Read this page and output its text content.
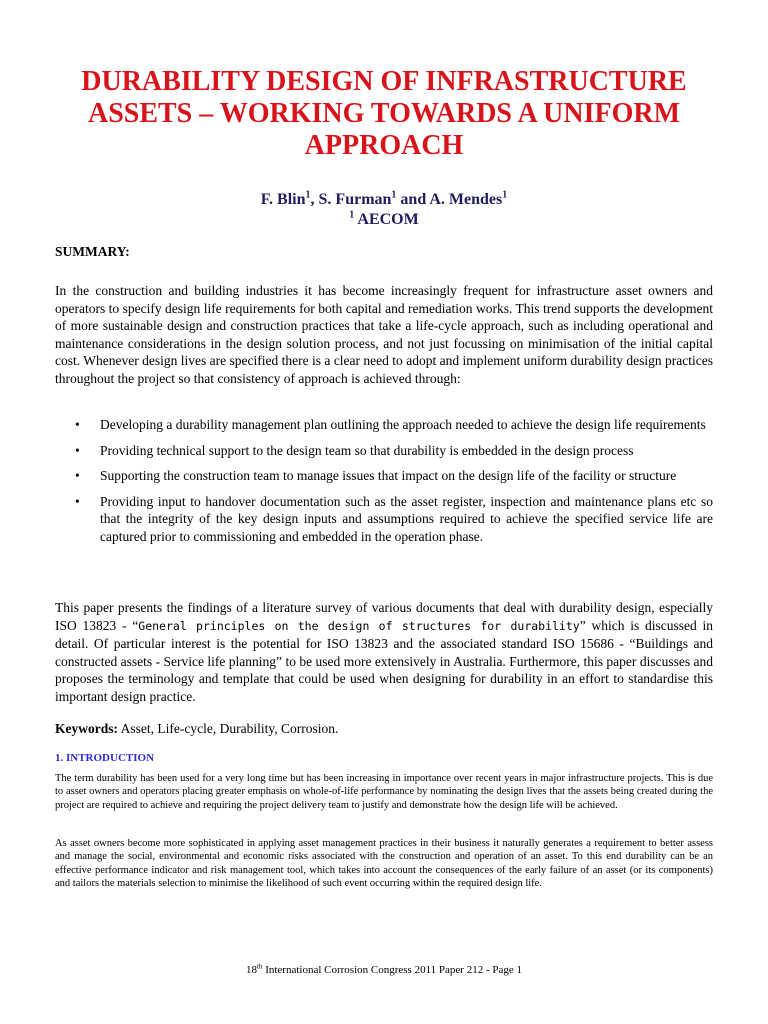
DURABILITY DESIGN OF INFRASTRUCTURE ASSETS – WORKING TOWARDS A UNIFORM APPROACH
F. Blin$^1$, S. Furman$^1$ and A. Mendes$^1$
$^1$ AECOM
SUMMARY:

In the construction and building industries it has become increasingly frequent for infrastructure asset owners and operators to specify design life requirements for both capital and remediation works. This trend supports the development of more sustainable design and construction practices that take a life-cycle approach, such as including operational and maintenance considerations in the design solution process, and not just focussing on minimisation of the initial capital cost. Whenever design lives are specified there is a clear need to adopt and implement uniform durability design practices throughout the project so that consistency of approach is achieved through:

• Developing a durability management plan outlining the approach needed to achieve the design life requirements
• Providing technical support to the design team so that durability is embedded in the design process
• Supporting the construction team to manage issues that impact on the design life of the facility or structure
• Providing input to handover documentation such as the asset register, inspection and maintenance plans etc so that the integrity of the key design inputs and assumptions required to achieve the specified service life are captured prior to commissioning and embedded in the operation phase.

This paper presents the findings of a literature survey of various documents that deal with durability design, especially ISO 13823 - “General principles on the design of structures for durability” which is discussed in detail. Of particular interest is the potential for ISO 13823 and the associated standard ISO 15686 - “Buildings and constructed assets - Service life planning” to be used more extensively in Australia. Furthermore, this paper discusses and proposes the terminology and template that could be used when designing for durability in an effort to standardise this important design practice.

Keywords: Asset, Life-cycle, Durability, Corrosion.
1. INTRODUCTION

The term durability has been used for a very long time but has been increasing in importance over recent years in major infrastructure projects. This is due to asset owners and operators placing greater emphasis on whole-of-life performance by nominating the design lives that the assets being created during the project are required to achieve and requiring the project delivery team to justify and demonstrate how the design life will be achieved.

As asset owners become more sophisticated in applying asset management practices in their business it naturally generates a requirement to better assess and manage the social, environmental and economic risks associated with the construction and operation of an asset. To this end durability can be an effective performance indicator and risk management tool, which takes into account the consequences of the early failure of an asset (or its components) and tailors the materials selection to minimise the likelihood of such event occurring within the required design life.

18th International Corrosion Congress 2011 Paper 212 - Page 1
